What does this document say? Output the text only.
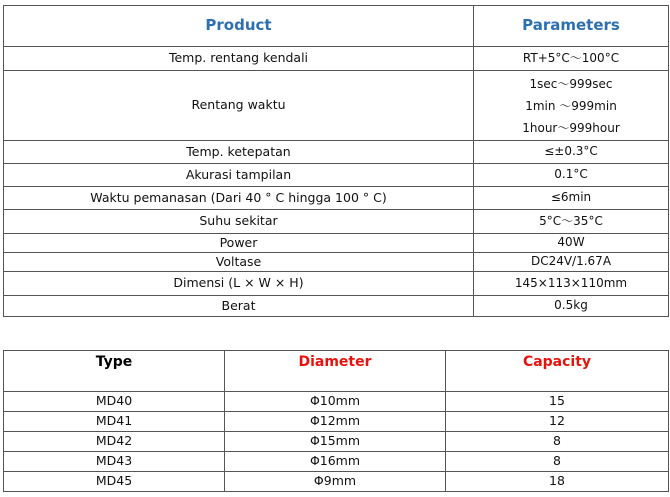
Product	Parameters
Temp. rentang kendali	RT+5°C～100°C
Rentang waktu	1sec～999sec
1min ～999min
1hour～999hour

Temp. ketepatan	≤±0.3°C
Akurasi tampilan	0.1°C
Waktu pemanasan (Dari 40 ° C hingga 100 ° C)	≤6min
Suhu sekitar	5°C～35°C
Power	40W
Voltase	DC24V/1.67A
Dimensi (L × W × H)	145×113×110mm
Berat	0.5kg
Type	Diameter	Capacity
MD40	Φ10mm	15
MD41	Φ12mm	12
MD42	Φ15mm	8
MD43	Φ16mm	8
MD45	Φ9mm	18
